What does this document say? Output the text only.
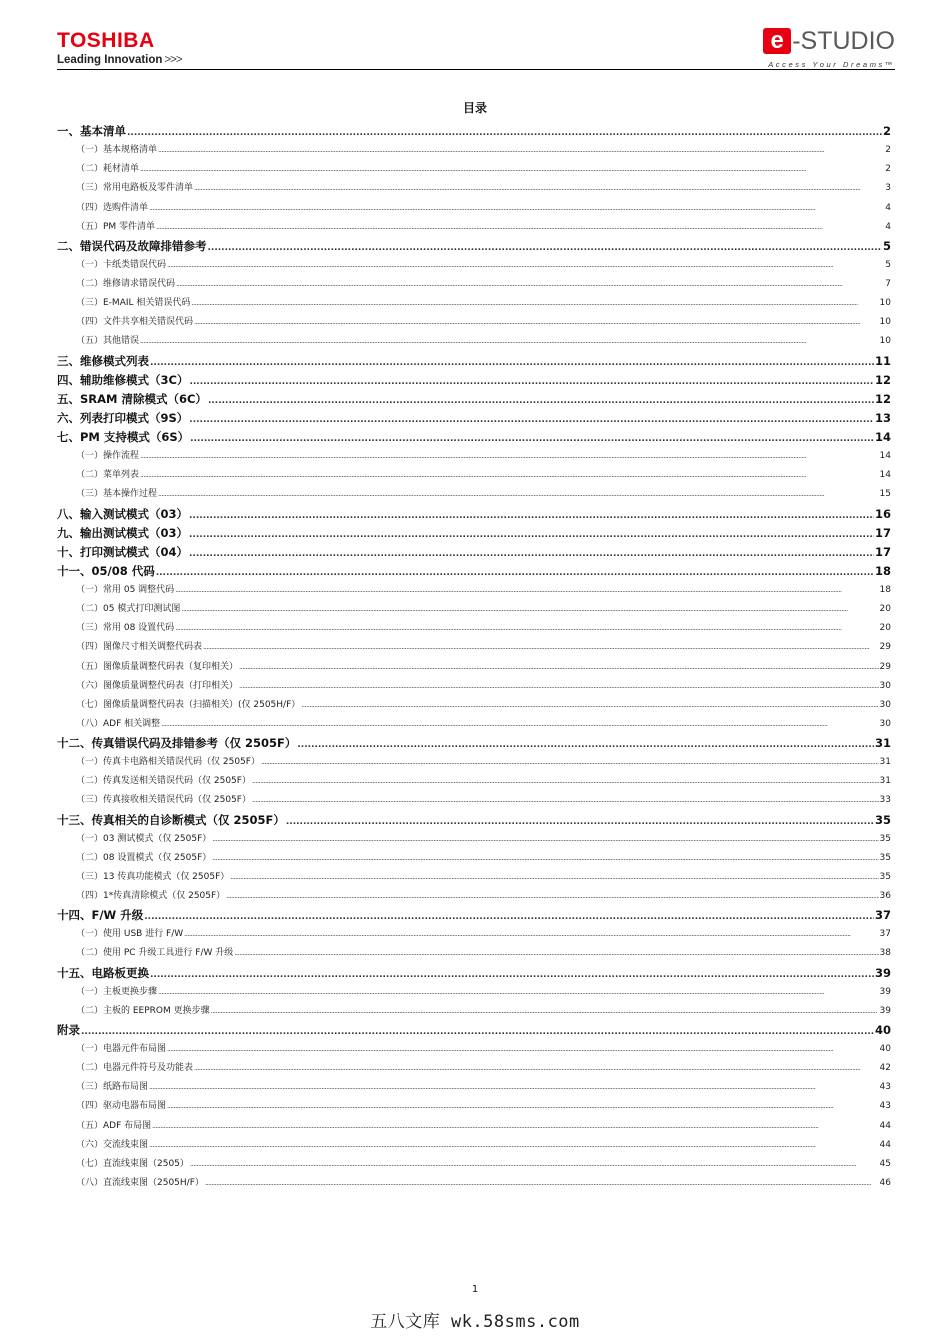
TOSHIBA
Leading Innovation >>>
e -STUDIO
Access Your Dreams™
目录
一、基本清单 .....	2
（一）基本规格清单 .....	2
（二）耗材清单 .....	2
（三）常用电路板及零件清单 .....	3
（四）选购件清单 .....	4
（五）PM 零件清单 .....	4
二、错误代码及故障排错参考 .....	5
（一）卡纸类错误代码 .....	5
（二）维修请求错误代码 .....	7
（三）E-MAIL 相关错误代码 .....	10
（四）文件共享相关错误代码 .....	10
（五）其他错误 .....	10
三、维修模式列表 .....	11
四、辅助维修模式（3C） .....	12
五、SRAM 清除模式（6C） .....	12
六、列表打印模式（9S） .....	13
七、PM 支持模式（6S） .....	14
（一）操作流程 .....	14
（二）菜单列表 .....	14
（三）基本操作过程 .....	15
八、输入测试模式（03） .....	16
九、输出测试模式（03） .....	17
十、打印测试模式（04） .....	17
十一、05/08 代码 .....	18
（一）常用 05 调整代码 .....	18
（二）05 模式打印测试图 .....	20
（三）常用 08 设置代码 .....	20
（四）图像尺寸相关调整代码表 .....	29
（五）图像质量调整代码表（复印相关） .....	29
（六）图像质量调整代码表（打印相关） .....	30
（七）图像质量调整代码表（扫描相关）(仅 2505H/F） .....	30
（八）ADF 相关调整 .....	30
十二、传真错误代码及排错参考（仅 2505F） .....	31
（一）传真卡电路相关错误代码（仅 2505F） .....	31
（二）传真发送相关错误代码（仅 2505F） .....	31
（三）传真接收相关错误代码（仅 2505F） .....	33
十三、传真相关的自诊断模式（仅 2505F） .....	35
（一）03 测试模式（仅 2505F） .....	35
（二）08 设置模式（仅 2505F） .....	35
（三）13 传真功能模式（仅 2505F） .....	35
（四）1*传真清除模式（仅 2505F） .....	36
十四、F/W 升级 .....	37
（一）使用 USB 进行 F/W .....	37
（二）使用 PC 升级工具进行 F/W 升级 .....	38
十五、电路板更换 .....	39
（一）主板更换步骤 .....	39
（二）主板的 EEPROM 更换步骤 .....	39
附录 .....	40
（一）电器元件布局图 .....	40
（二）电器元件符号及功能表 .....	42
（三）纸路布局图 .....	43
（四）驱动电器布局图 .....	43
（五）ADF 布局图 .....	44
（六）交流线束图 .....	44
（七）直流线束图（2505） .....	45
（八）直流线束图（2505H/F） .....	46
1
五八文库 wk.58sms.com
